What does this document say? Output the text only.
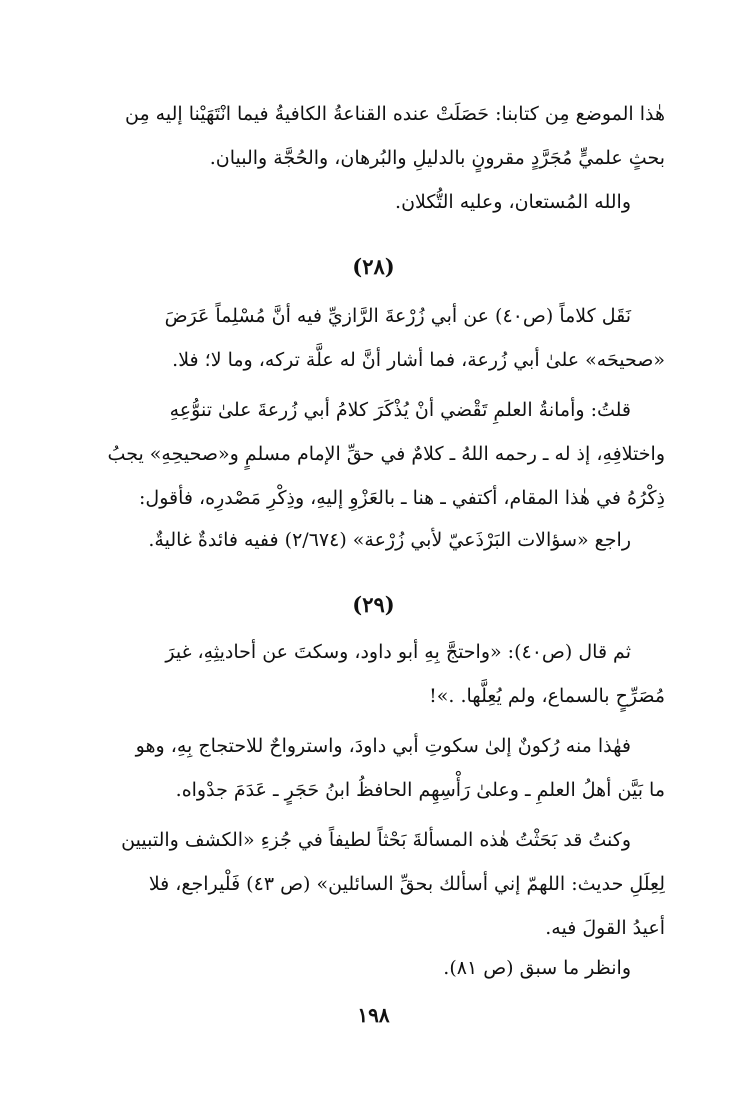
هٰذا الموضع مِن كتابنا: حَصَلَتْ عنده القناعةُ الكافيةُ فيما انْتَهَيْنا إليه مِن
بحثٍ علميٍّ مُجَرَّدٍ مقرونٍ بالدليلِ والبُرهان، والحُجَّة والبيان.
والله المُستعان، وعليه التُّكلان.
(٢٨)
نَقَل كلاماً (ص٤٠) عن أبي زُرْعةَ الرَّازيِّ فيه أنَّ مُسْلِماً عَرَضَ
«صحيحَه» علىٰ أبي زُرعة، فما أشار أنَّ له علَّة تركه، وما لا؛ فلا.
قلتُ: وأمانةُ العلمِ تَقْضي أنْ يُذْكَرَ كلامُ أبي زُرعةَ علىٰ تنوُّعِهِ
واختلافِهِ، إذ له ـ رحمه اللهُ ـ كلامٌ في حقِّ الإمام مسلمٍ و«صحيحِهِ» يجبُ
ذِكْرُهُ في هٰذا المقام، أكتفي ـ هنا ـ بالعَزْوِ إليهِ، وذِكْرِ مَصْدرِه، فأقول:
راجع «سؤالات البَرْذَعيّ لأبي زُرْعة» (٢/٦٧٤) ففيه فائدةٌ غاليةٌ.
(٢٩)
ثم قال (ص٤٠): «واحتجَّ بِهِ أبو داود، وسكتَ عن أحاديثِهِ، غيرَ
مُصَرِّحٍ بالسماع، ولم يُعِلَّها. .»!
فهٰذا منه رُكونٌ إلىٰ سكوتِ أبي داودَ، واسترواحٌ للاحتجاج بِهِ، وهو
ما بَيَّن أهلُ العلمِ ـ وعلىٰ رَأْسِهِم الحافظُ ابنُ حَجَرٍ ـ عَدَمَ جدْواه.
وكنتُ قد بَحَثْتُ هٰذه المسألةَ بَحْثاً لطيفاً في جُزءِ «الكشف والتبيين
لِعِلَلِ حديث: اللهمّ إني أسألك بحقِّ السائلين» (ص ٤٣) فَلْيراجع، فلا
أعيدُ القولَ فيه.
وانظر ما سبق (ص ٨١).
١٩٨
